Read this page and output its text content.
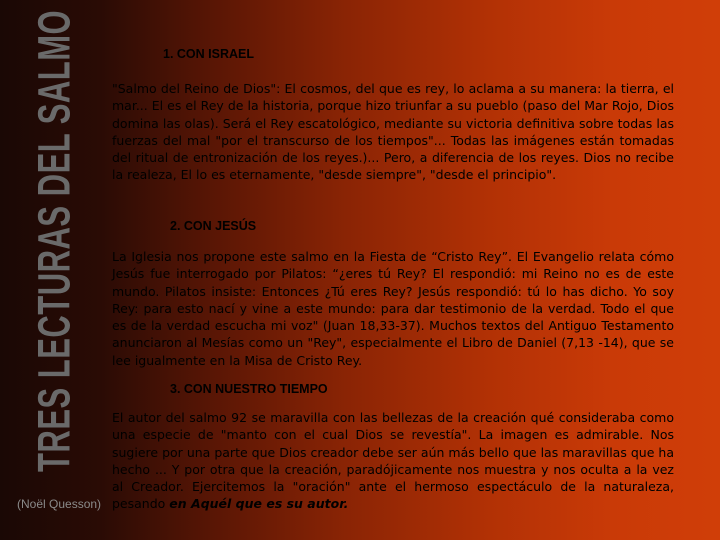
TRES LECTURAS DEL SALMO
(Noël Quesson)
1. CON ISRAEL
"Salmo del Reino de Dios": El cosmos, del que es rey, lo aclama a su manera: la tierra, el mar... El es el Rey de la historia, porque hizo triunfar a su pueblo (paso del Mar Rojo, Dios domina las olas). Será el Rey escatológico, mediante su victoria definitiva sobre todas las fuerzas del mal "por el transcurso de los tiempos"... Todas las imágenes están tomadas del ritual de entronización de los reyes.)... Pero, a diferencia de los reyes. Dios no recibe la realeza, El lo es eternamente, "desde siempre", "desde el principio".
2. CON JESÚS
La Iglesia nos propone este salmo en la Fiesta de “Cristo Rey”. El Evangelio relata cómo Jesús fue interrogado por Pilatos: “¿eres tú Rey? El respondió: mi Reino no es de este mundo. Pilatos insiste: Entonces ¿Tú eres Rey? Jesús respondió: tú lo has dicho. Yo soy Rey: para esto nací y vine a este mundo: para dar testimonio de la verdad. Todo el que es de la verdad escucha mi voz" (Juan 18,33-37). Muchos textos del Antiguo Testamento anunciaron al Mesías como un "Rey", especialmente el Libro de Daniel (7,13 -14), que se lee igualmente en la Misa de Cristo Rey.
3. CON NUESTRO TIEMPO
El autor del salmo 92 se maravilla con las bellezas de la creación qué consideraba como una especie de "manto con el cual Dios se revestía". La imagen es admirable. Nos sugiere por una parte que Dios creador debe ser aún más bello que las maravillas que ha hecho ... Y por otra que la creación, paradójicamente nos muestra y nos oculta a la vez al Creador. Ejercitemos la "oración" ante el hermoso espectáculo de la naturaleza, pesando en Aquél que es su autor.
